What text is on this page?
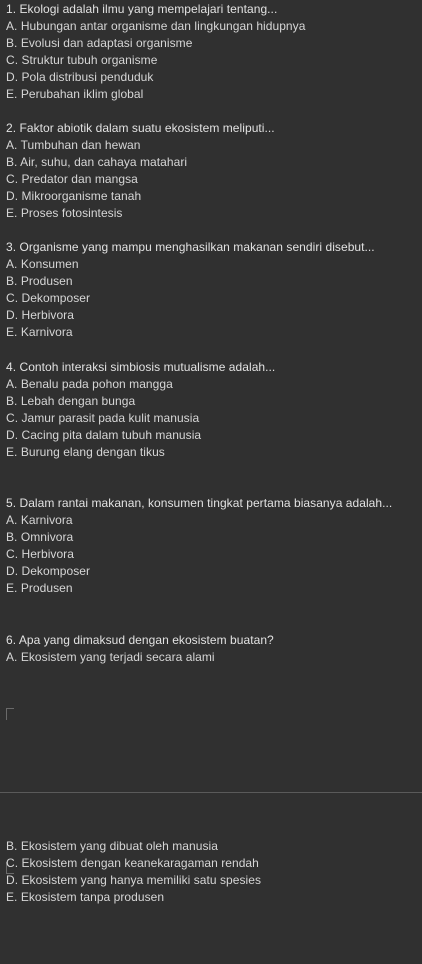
1. Ekologi adalah ilmu yang mempelajari tentang...
A. Hubungan antar organisme dan lingkungan hidupnya
B. Evolusi dan adaptasi organisme
C. Struktur tubuh organisme
D. Pola distribusi penduduk
E. Perubahan iklim global
2. Faktor abiotik dalam suatu ekosistem meliputi...
A. Tumbuhan dan hewan
B. Air, suhu, dan cahaya matahari
C. Predator dan mangsa
D. Mikroorganisme tanah
E. Proses fotosintesis
3. Organisme yang mampu menghasilkan makanan sendiri disebut...
A. Konsumen
B. Produsen
C. Dekomposer
D. Herbivora
E. Karnivora
4. Contoh interaksi simbiosis mutualisme adalah...
A. Benalu pada pohon mangga
B. Lebah dengan bunga
C. Jamur parasit pada kulit manusia
D. Cacing pita dalam tubuh manusia
E. Burung elang dengan tikus
5. Dalam rantai makanan, konsumen tingkat pertama biasanya adalah...
A. Karnivora
B. Omnivora
C. Herbivora
D. Dekomposer
E. Produsen
6. Apa yang dimaksud dengan ekosistem buatan?
A. Ekosistem yang terjadi secara alami
B. Ekosistem yang dibuat oleh manusia
C. Ekosistem dengan keanekaragaman rendah
D. Ekosistem yang hanya memiliki satu spesies
E. Ekosistem tanpa produsen
